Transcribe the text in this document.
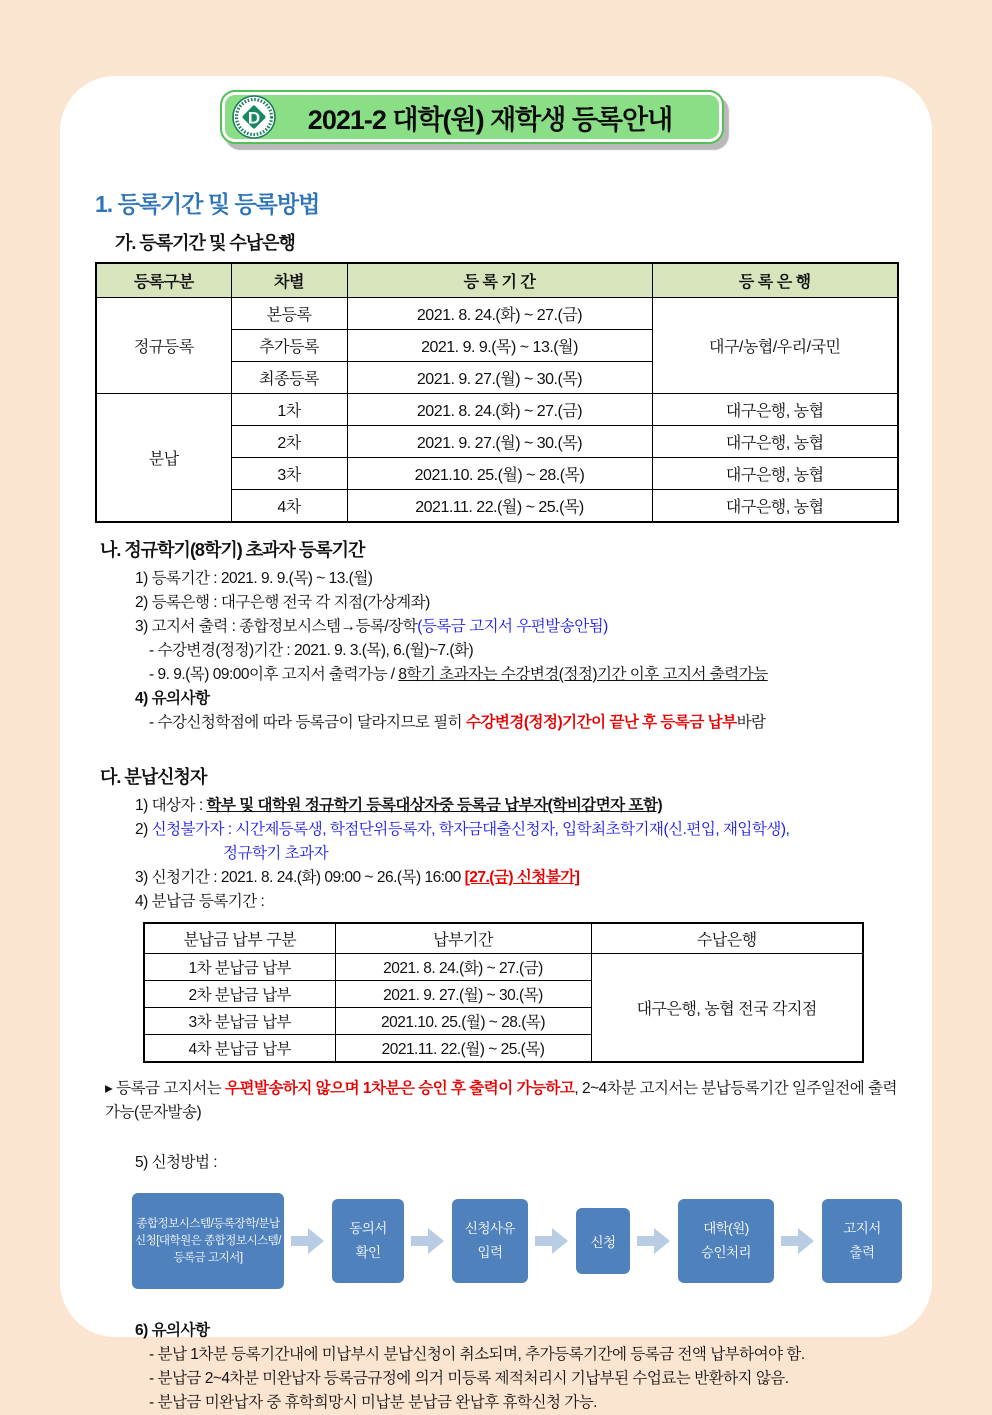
D	2021-2 대학(원) 재학생 등록안내
1. 등록기간 및 등록방법
가. 등록기간 및 수납은행
등록구분	차별	등 록 기 간	등 록 은 행
정규등록	본등록	2021. 8. 24.(화) ~ 27.(금)	대구/농협/우리/국민
	추가등록	2021. 9. 9.(목) ~ 13.(월)	
	최종등록	2021. 9. 27.(월) ~ 30.(목)	
분납	1차	2021. 8. 24.(화) ~ 27.(금)	대구은행, 농협
	2차	2021. 9. 27.(월) ~ 30.(목)	대구은행, 농협
	3차	2021.10. 25.(월) ~ 28.(목)	대구은행, 농협
	4차	2021.11. 22.(월) ~ 25.(목)	대구은행, 농협
나. 정규학기(8학기) 초과자 등록기간
1) 등록기간 : 2021. 9. 9.(목) ~ 13.(월)
2) 등록은행 : 대구은행 전국 각 지점(가상계좌)
3) 고지서 출력 : 종합정보시스템→등록/장학(등록금 고지서 우편발송안됨)
- 수강변경(정정)기간 : 2021. 9. 3.(목), 6.(월)~7.(화)
- 9. 9.(목) 09:00이후 고지서 출력가능 / 8학기 초과자는 수강변경(정정)기간 이후 고지서 출력가능
4) 유의사항
- 수강신청학점에 따라 등록금이 달라지므로 필히 수강변경(정정)기간이 끝난 후 등록금 납부바람
다. 분납신청자
1) 대상자 : 학부 및 대학원 정규학기 등록대상자중 등록금 납부자(학비감면자 포함)
2) 신청불가자 : 시간제등록생, 학점단위등록자, 학자금대출신청자, 입학최초학기재(신.편입, 재입학생),
정규학기 초과자
3) 신청기간 : 2021. 8. 24.(화) 09:00 ~ 26.(목) 16:00 [27.(금) 신청불가]
4) 분납금 등록기간 :
분납금 납부 구분	납부기간	수납은행
1차 분납금 납부	2021. 8. 24.(화) ~ 27.(금)	대구은행, 농협 전국 각지점
2차 분납금 납부	2021. 9. 27.(월) ~ 30.(목)	
3차 분납금 납부	2021.10. 25.(월) ~ 28.(목)	
4차 분납금 납부	2021.11. 22.(월) ~ 25.(목)	
▸ 등록금 고지서는 우편발송하지 않으며 1차분은 승인 후 출력이 가능하고, 2~4차분 고지서는 분납등록기간 일주일전에 출력 가능(문자발송)
5) 신청방법 :
종합정보시스템/등록장학/분납신청[대학원은 종합정보시스템/등록금 고지서]
동의서
확인
신청사유
입력
신청
대학(원)
승인처리
고지서
출력
6) 유의사항
- 분납 1차분 등록기간내에 미납부시 분납신청이 취소되며, 추가등록기간에 등록금 전액 납부하여야 함.
- 분납금 2~4차분 미완납자 등록금규정에 의거 미등록 제적처리시 기납부된 수업료는 반환하지 않음.
- 분납금 미완납자 중 휴학희망시 미납분 분납금 완납후 휴학신청 가능.
